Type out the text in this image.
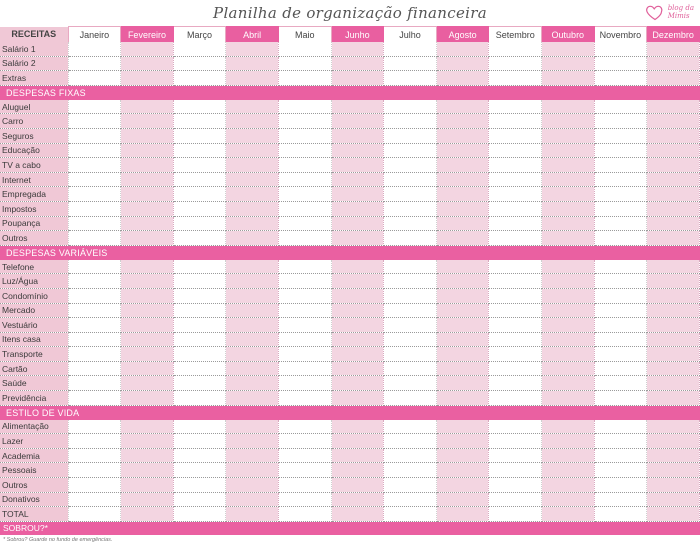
Planilha de organização financeira	blog da
Mimis
RECEITAS	Janeiro	Fevereiro	Março	Abril	Maio	Junho	Julho	Agosto	Setembro	Outubro	Novembro	Dezembro
Salário 1												
Salário 2												
Extras												
DESPESAS FIXAS												
Aluguel												
Carro												
Seguros												
Educação												
TV a cabo												
Internet												
Empregada												
Impostos												
Poupança												
Outros												
DESPESAS VARIÁVEIS												
Telefone												
Luz/Água												
Condomínio												
Mercado												
Vestuário												
Itens casa												
Transporte												
Cartão												
Saúde												
Previdência												
ESTILO DE VIDA												
Alimentação												
Lazer												
Academia												
Pessoais												
Outros												
Donativos												
TOTAL												
SOBROU?*												
* Sobrou? Guarde no fundo de emergências.
